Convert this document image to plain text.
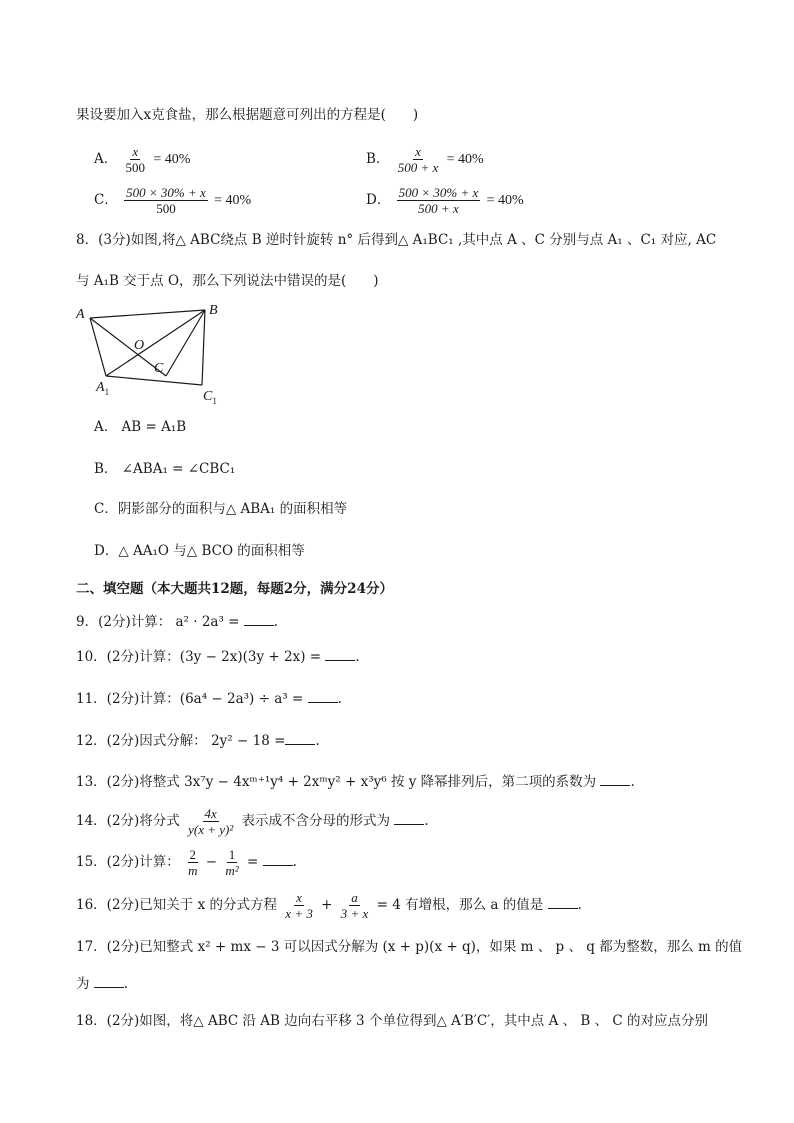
果设要加入x克食盐，那么根据题意可列出的方程是(　　)
A． $\frac{x}{500} = 40\%$	B． $\frac{x}{500 + x} = 40\%$
C． $\frac{500 \times 30\% + x}{500} = 40\%$	D． $\frac{500 \times 30\% + x}{500 + x} = 40\%$
8．(3分)如图,将△ ABC绕点 B 逆时针旋转 n° 后得到△ A₁BC₁ ,其中点 A 、C 分别与点 A₁ 、C₁ 对应, AC
与 A₁B 交于点 O，那么下列说法中错误的是(　　)
A	B
O
C
$A_1$	$C_1$
A． AB = A₁B
B． ∠ABA₁ = ∠CBC₁
C．阴影部分的面积与△ ABA₁ 的面积相等
D．△ AA₁O 与△ BCO 的面积相等
二、填空题（本大题共12题，每题2分，满分24分）
9．(2分)计算： a² · 2a³ =	.
10．(2分)计算：(3y − 2x)(3y + 2x) =	.
11．(2分)计算：(6a⁴ − 2a³) ÷ a³ =	.
12．(2分)因式分解： 2y² − 18 = .
13．(2分)将整式 3x⁷y − 4xᵐ⁺¹y⁴ + 2xᵐy² + x³y⁶ 按 y 降幂排列后，第二项的系数为	.
14．(2分)将分式 $\frac{4x}{\text{y(x + y)²}}$ 表示成不含分母的形式为	.
15．(2分)计算： $\frac{2}{m} - \frac{1}{\text{m²}}$ =	.
16．(2分)已知关于 x 的分式方程 $\frac{x}{x + 3} + \frac{a}{3 + x} = 4$ 有增根，那么 a 的值是	.
17．(2分)已知整式 x² + mx − 3 可以因式分解为 (x + p)(x + q)，如果 m 、 p 、 q 都为整数，那么 m 的值
为	.
18．(2分)如图，将△ ABC 沿 AB 边向右平移 3 个单位得到△ A′B′C′，其中点 A 、 B 、 C 的对应点分别
